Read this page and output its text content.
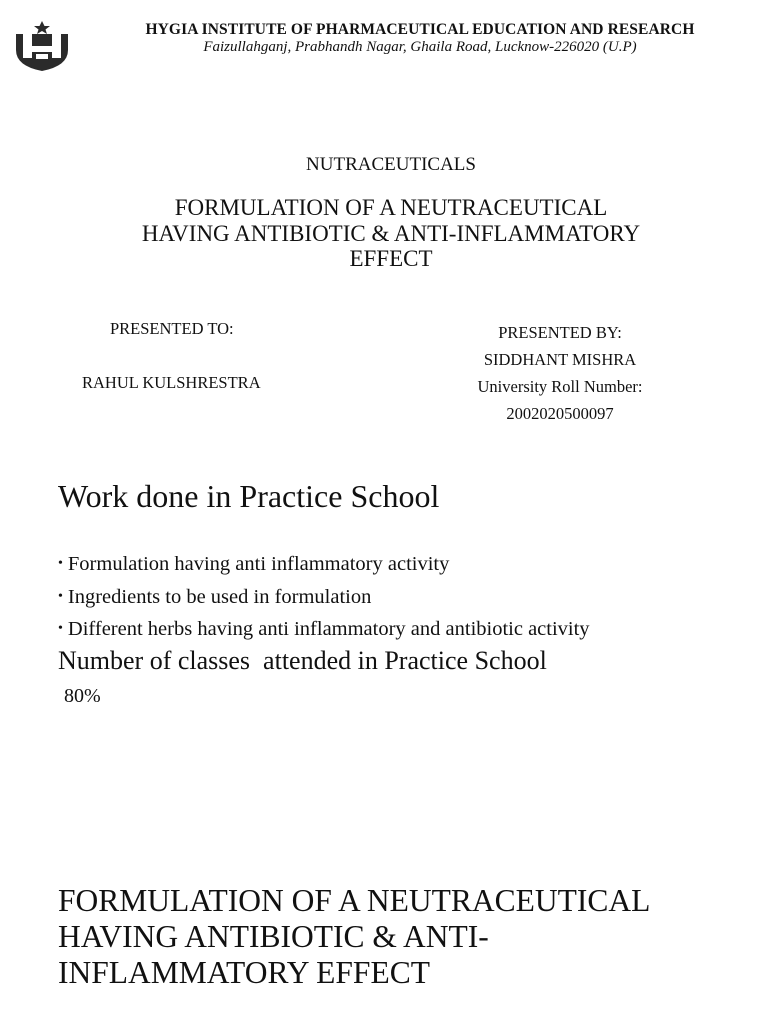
HYGIA INSTITUTE OF PHARMACEUTICAL EDUCATION AND RESEARCH
Faizullahganj, Prabhandh Nagar, Ghaila Road, Lucknow-226020 (U.P)
NUTRACEUTICALS
FORMULATION OF A NEUTRACEUTICAL
HAVING ANTIBIOTIC & ANTI-INFLAMMATORY
EFFECT
PRESENTED TO:
RAHUL KULSHRESTRA
PRESENTED BY:
SIDDHANT MISHRA
University Roll Number:
2002020500097
Work done in Practice School
• Formulation having anti inflammatory activity
• Ingredients to be used in formulation
• Different herbs having anti inflammatory and antibiotic activity
Number of classes  attended in Practice School
80%
FORMULATION OF A NEUTRACEUTICAL
HAVING ANTIBIOTIC & ANTI-
INFLAMMATORY EFFECT
